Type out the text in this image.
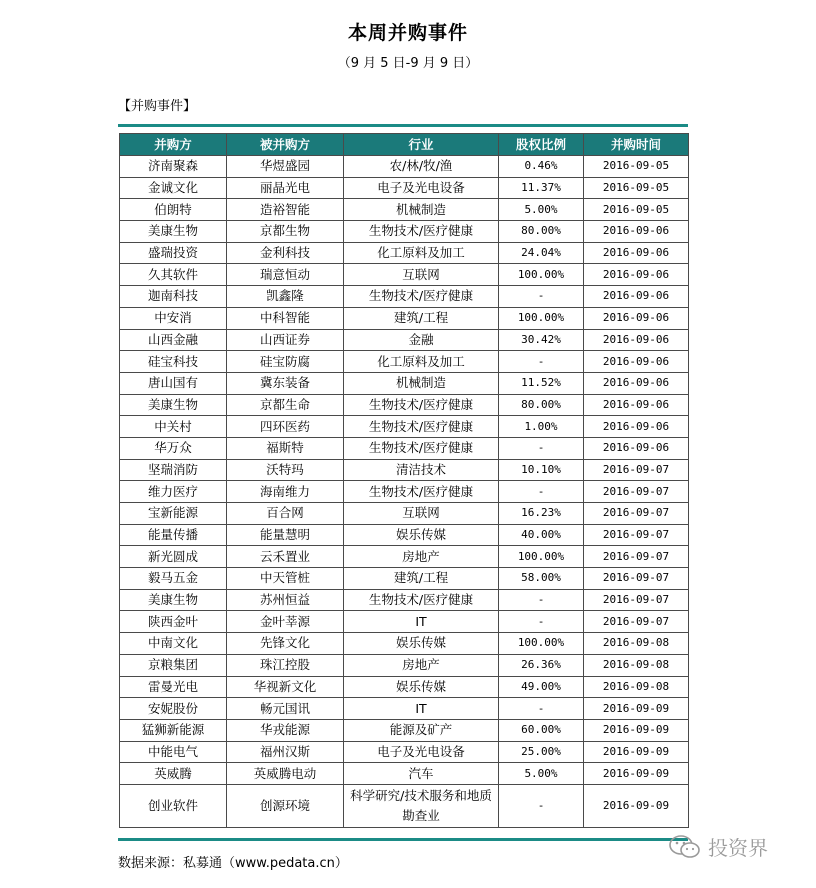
本周并购事件
（9 月 5 日-9 月 9 日）
【并购事件】
并购方	被并购方	行业	股权比例	并购时间
济南聚森	华煜盛园	农/林/牧/渔	0.46%	2016-09-05
金诚文化	丽晶光电	电子及光电设备	11.37%	2016-09-05
伯朗特	造裕智能	机械制造	5.00%	2016-09-05
美康生物	京都生物	生物技术/医疗健康	80.00%	2016-09-06
盛瑞投资	金利科技	化工原料及加工	24.04%	2016-09-06
久其软件	瑞意恒动	互联网	100.00%	2016-09-06
迦南科技	凯鑫隆	生物技术/医疗健康	-	2016-09-06
中安消	中科智能	建筑/工程	100.00%	2016-09-06
山西金融	山西证券	金融	30.42%	2016-09-06
硅宝科技	硅宝防腐	化工原料及加工	-	2016-09-06
唐山国有	冀东装备	机械制造	11.52%	2016-09-06
美康生物	京都生命	生物技术/医疗健康	80.00%	2016-09-06
中关村	四环医药	生物技术/医疗健康	1.00%	2016-09-06
华万众	福斯特	生物技术/医疗健康	-	2016-09-06
坚瑞消防	沃特玛	清洁技术	10.10%	2016-09-07
维力医疗	海南维力	生物技术/医疗健康	-	2016-09-07
宝新能源	百合网	互联网	16.23%	2016-09-07
能量传播	能量慧明	娱乐传媒	40.00%	2016-09-07
新光圆成	云禾置业	房地产	100.00%	2016-09-07
毅马五金	中天管桩	建筑/工程	58.00%	2016-09-07
美康生物	苏州恒益	生物技术/医疗健康	-	2016-09-07
陕西金叶	金叶莘源	IT	-	2016-09-07
中南文化	先锋文化	娱乐传媒	100.00%	2016-09-08
京粮集团	珠江控股	房地产	26.36%	2016-09-08
雷曼光电	华视新文化	娱乐传媒	49.00%	2016-09-08
安妮股份	畅元国讯	IT	-	2016-09-09
猛狮新能源	华戎能源	能源及矿产	60.00%	2016-09-09
中能电气	福州汉斯	电子及光电设备	25.00%	2016-09-09
英威腾	英威腾电动	汽车	5.00%	2016-09-09
创业软件	创源环境	科学研究/技术服务和地质勘查业	-	2016-09-09
数据来源：私募通（www.pedata.cn）
投资界
